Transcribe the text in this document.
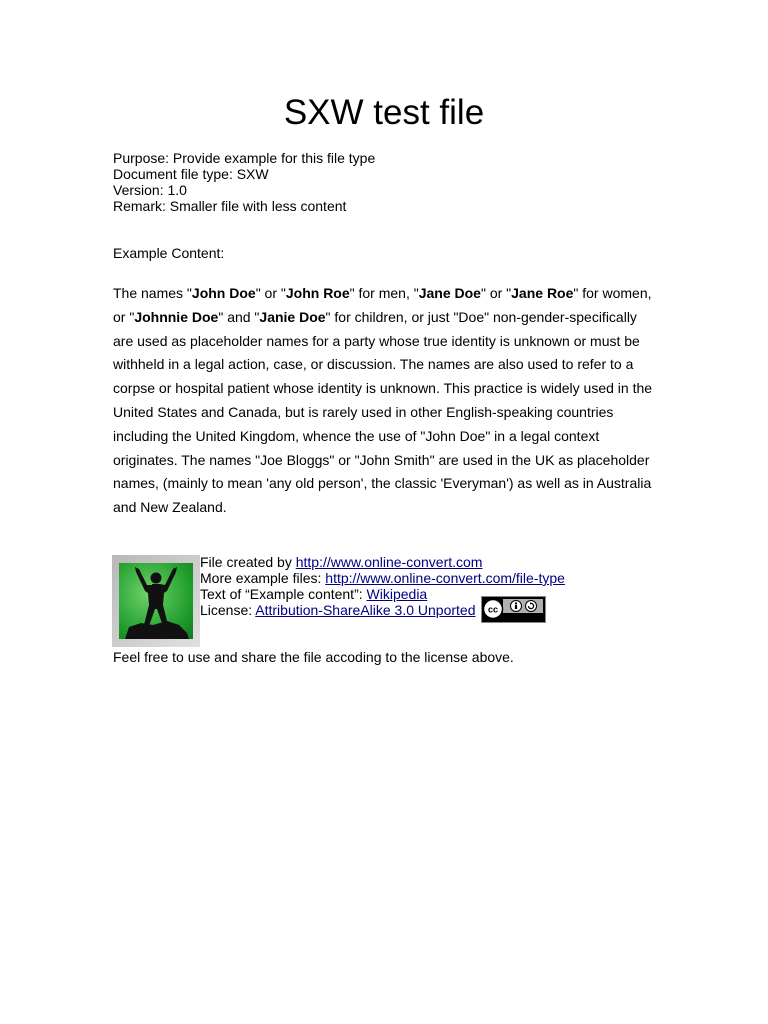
SXW test file
Purpose: Provide example for this file type
Document file type: SXW
Version: 1.0
Remark: Smaller file with less content
Example Content:

The names "John Doe" or "John Roe" for men, "Jane Doe" or "Jane Roe" for women, or "Johnnie Doe" and "Janie Doe" for children, or just "Doe" non-gender-specifically are used as placeholder names for a party whose true identity is unknown or must be withheld in a legal action, case, or discussion. The names are also used to refer to a corpse or hospital patient whose identity is unknown. This practice is widely used in the United States and Canada, but is rarely used in other English-speaking countries including the United Kingdom, whence the use of "John Doe" in a legal context originates. The names "Joe Bloggs" or "John Smith" are used in the UK as placeholder names, (mainly to mean 'any old person', the classic 'Everyman') as well as in Australia and New Zealand.

File created by http://www.online-convert.com
More example files: http://www.online-convert.com/file-type
Text of “Example content”: Wikipedia
License: Attribution-ShareAlike 3.0 Unported	cc
Feel free to use and share the file accoding to the license above.
